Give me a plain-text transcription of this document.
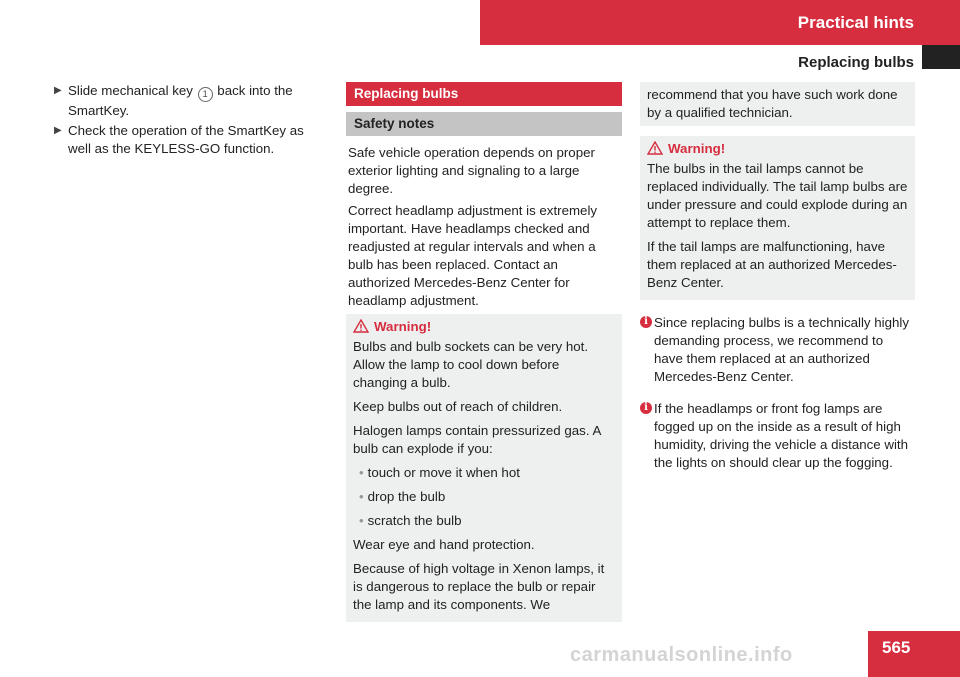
Practical hints
Replacing bulbs
▶ Slide mechanical key 1 back into the SmartKey.
▶ Check the operation of the SmartKey as well as the KEYLESS-GO function.
Replacing bulbs
Safety notes

Safe vehicle operation depends on proper exterior lighting and signaling to a large degree.

Correct headlamp adjustment is extremely important. Have headlamps checked and readjusted at regular intervals and when a bulb has been replaced. Contact an authorized Mercedes-Benz Center for headlamp adjustment.

Warning!

Bulbs and bulb sockets can be very hot. Allow the lamp to cool down before changing a bulb.

Keep bulbs out of reach of children.

Halogen lamps contain pressurized gas. A bulb can explode if you:

• touch or move it when hot
• drop the bulb
• scratch the bulb

Wear eye and hand protection.

Because of high voltage in Xenon lamps, it is dangerous to replace the bulb or repair the lamp and its components. We

recommend that you have such work done by a qualified technician.

Warning!

The bulbs in the tail lamps cannot be replaced individually. The tail lamp bulbs are under pressure and could explode during an attempt to replace them.

If the tail lamps are malfunctioning, have them replaced at an authorized Mercedes-Benz Center.

i Since replacing bulbs is a technically highly demanding process, we recommend to have them replaced at an authorized Mercedes-Benz Center.
i If the headlamps or front fog lamps are fogged up on the inside as a result of high humidity, driving the vehicle a distance with the lights on should clear up the fogging.
carmanualsonline.info	565
